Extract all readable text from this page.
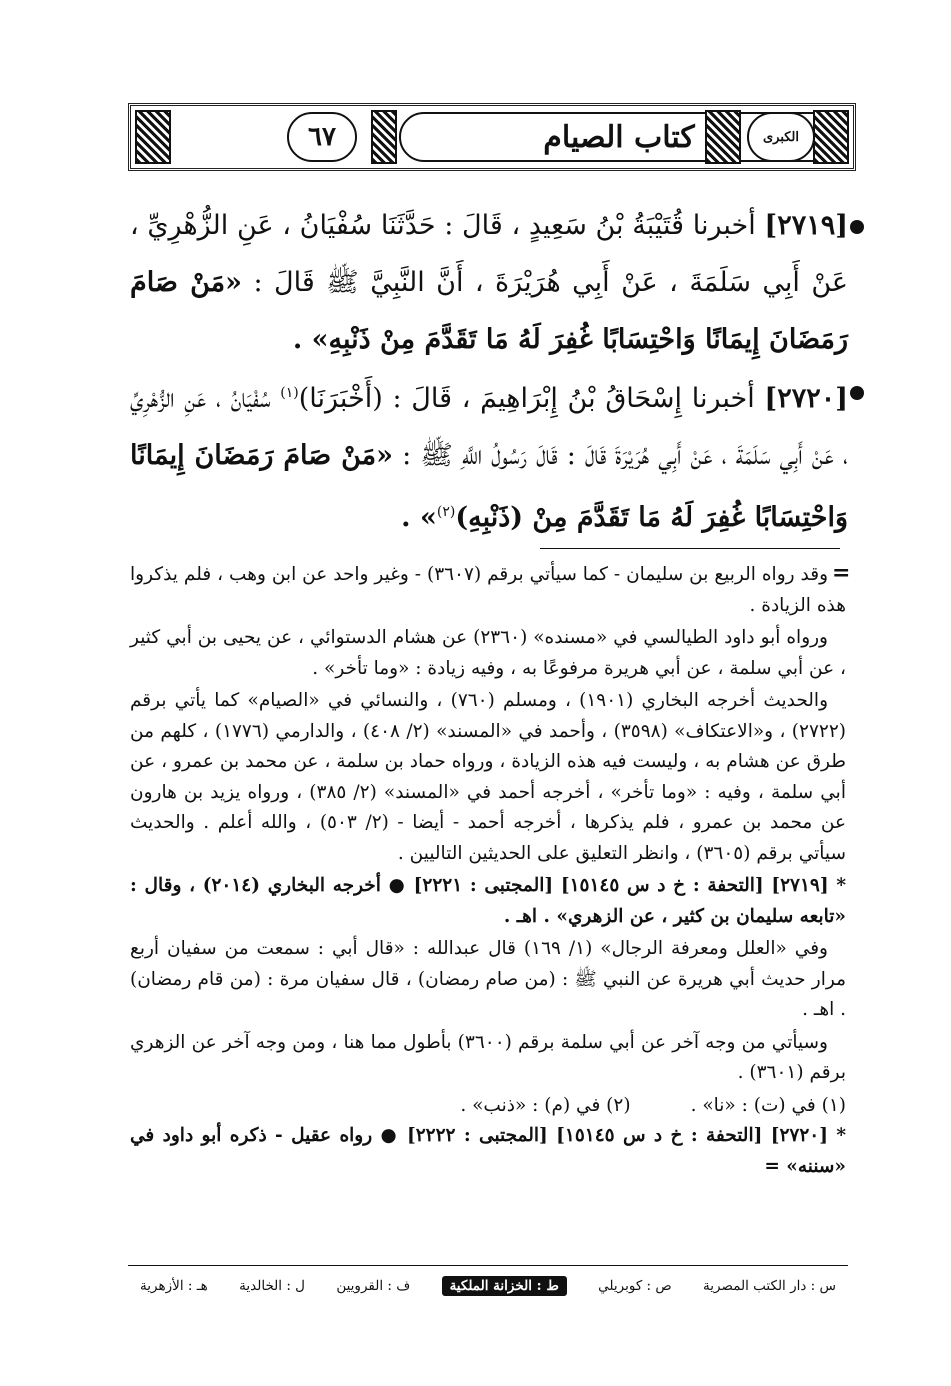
٦٧	كتاب الصيام	الكبرى
[٢٧١٩] أخبرنا قُتَيْبَةُ بْنُ سَعِيدٍ ، قَالَ : حَدَّثَنَا سُفْيَانُ ، عَنِ الزُّهْرِيِّ ، عَنْ أَبِي سَلَمَةَ ، عَنْ أَبِي هُرَيْرَةَ ، أَنَّ النَّبِيَّ ﷺ قَالَ : «مَنْ صَامَ رَمَضَانَ إِيمَانًا وَاحْتِسَابًا غُفِرَ لَهُ مَا تَقَدَّمَ مِنْ ذَنْبِهِ» .
[٢٧٢٠] أخبرنا إِسْحَاقُ بْنُ إِبْرَاهِيمَ ، قَالَ : (أَخْبَرَنَا)$^{(١)}$ سُفْيَانُ ، عَنِ الزُّهْرِيِّ ، عَنْ أَبِي سَلَمَةَ ، عَنْ أَبِي هُرَيْرَةَ قَالَ : قَالَ رَسُولُ اللَّهِ ﷺ : «مَنْ صَامَ رَمَضَانَ إِيمَانًا وَاحْتِسَابًا غُفِرَ لَهُ مَا تَقَدَّمَ مِنْ (ذَنْبِهِ)$^{(٢)}$» .
=

وقد رواه الربيع بن سليمان - كما سيأتي برقم (٣٦٠٧) - وغير واحد عن ابن وهب ، فلم يذكروا هذه الزيادة .

ورواه أبو داود الطيالسي في «مسنده» (٢٣٦٠) عن هشام الدستوائي ، عن يحيى بن أبي كثير ، عن أبي سلمة ، عن أبي هريرة مرفوعًا به ، وفيه زيادة : «وما تأخر» .

والحديث أخرجه البخاري (١٩٠١) ، ومسلم (٧٦٠) ، والنسائي في «الصيام» كما يأتي برقم (٢٧٢٢) ، و«الاعتكاف» (٣٥٩٨) ، وأحمد في «المسند» (٢/ ٤٠٨) ، والدارمي (١٧٧٦) ، كلهم من طرق عن هشام به ، وليست فيه هذه الزيادة ، ورواه حماد بن سلمة ، عن محمد بن عمرو ، عن أبي سلمة ، وفيه : «وما تأخر» ، أخرجه أحمد في «المسند» (٢/ ٣٨٥) ، ورواه يزيد بن هارون عن محمد بن عمرو ، فلم يذكرها ، أخرجه أحمد - أيضا - (٢/ ٥٠٣) ، والله أعلم . والحديث سيأتي برقم (٣٦٠٥) ، وانظر التعليق على الحديثين التاليين .

* [٢٧١٩] [التحفة : خ د س ١٥١٤٥] [المجتبى : ٢٢٢١] ● أخرجه البخاري (٢٠١٤) ، وقال : «تابعه سليمان بن كثير ، عن الزهري» . اهـ .

وفي «العلل ومعرفة الرجال» (١/ ١٦٩) قال عبدالله : «قال أبي : سمعت من سفيان أربع مرار حديث أبي هريرة عن النبي ﷺ : (من صام رمضان) ، قال سفيان مرة : (من قام رمضان) . اهـ .

وسيأتي من وجه آخر عن أبي سلمة برقم (٣٦٠٠) بأطول مما هنا ، ومن وجه آخر عن الزهري برقم (٣٦٠١) .

(١) في (ت) : «نا» .
(٢) في (م) : «ذنب» .

* [٢٧٢٠] [التحفة : خ د س ١٥١٤٥] [المجتبى : ٢٢٢٢] ● رواه عقيل - ذكره أبو داود في «سننه» =

س : دار الكتب المصرية
ص : كوبريلي
ط : الخزانة الملكية
ف : القرويين
ل : الخالدية
هـ : الأزهرية
